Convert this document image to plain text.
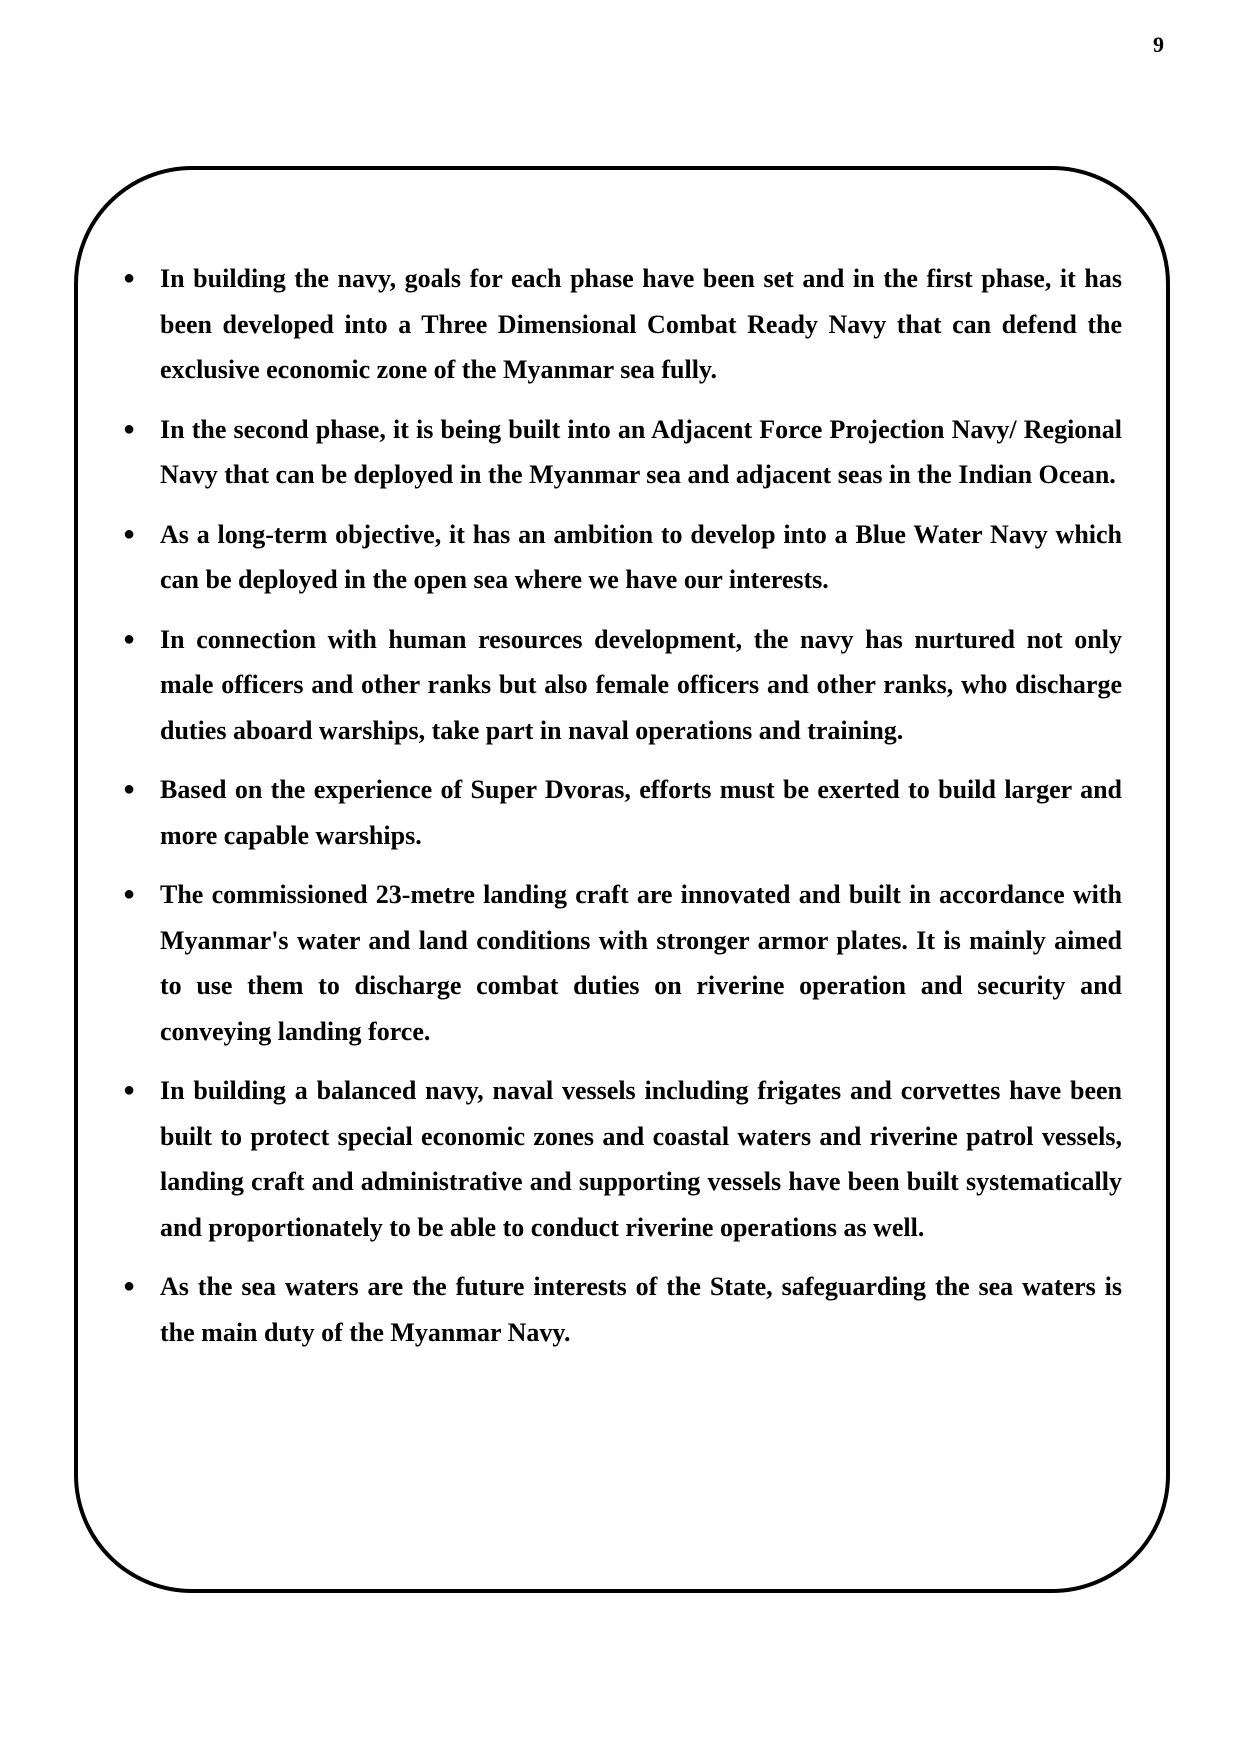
9
● In building the navy, goals for each phase have been set and in the first phase, it has been developed into a Three Dimensional Combat Ready Navy that can defend the exclusive economic zone of the Myanmar sea fully.
● In the second phase, it is being built into an Adjacent Force Projection Navy/ Regional Navy that can be deployed in the Myanmar sea and adjacent seas in the Indian Ocean.
● As a long-term objective, it has an ambition to develop into a Blue Water Navy which can be deployed in the open sea where we have our interests.
● In connection with human resources development, the navy has nurtured not only male officers and other ranks but also female officers and other ranks, who discharge duties aboard warships, take part in naval operations and training.
● Based on the experience of Super Dvoras, efforts must be exerted to build larger and more capable warships.
● The commissioned 23-metre landing craft are innovated and built in accordance with Myanmar's water and land conditions with stronger armor plates. It is mainly aimed to use them to discharge combat duties on riverine operation and security and conveying landing force.
● In building a balanced navy, naval vessels including frigates and corvettes have been built to protect special economic zones and coastal waters and riverine patrol vessels, landing craft and administrative and supporting vessels have been built systematically and proportionately to be able to conduct riverine operations as well.
● As the sea waters are the future interests of the State, safeguarding the sea waters is the main duty of the Myanmar Navy.
